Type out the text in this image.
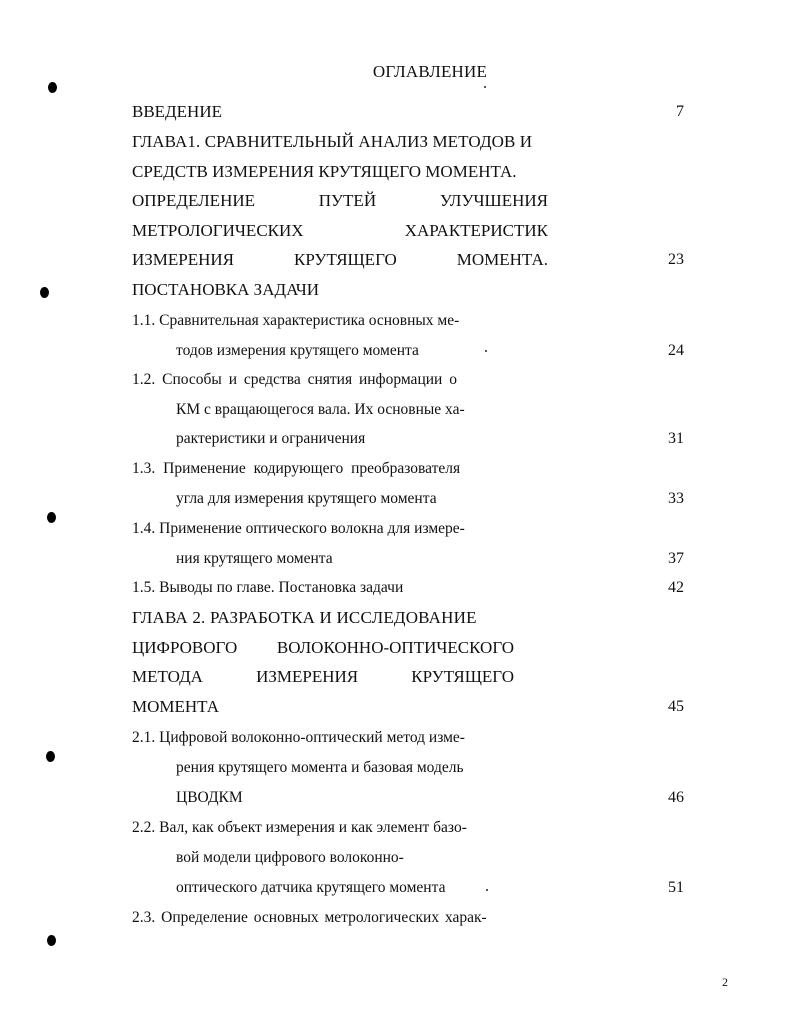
ОГЛАВЛЕНИЕ
ВВЕДЕНИЕ	7
ГЛАВА1. СРАВНИТЕЛЬНЫЙ АНАЛИЗ МЕТОДОВ И
СРЕДСТВ ИЗМЕРЕНИЯ КРУТЯЩЕГО МОМЕНТА.
ОПРЕДЕЛЕНИЕ	ПУТЕЙ	УЛУЧШЕНИЯ
МЕТРОЛОГИЧЕСКИХ	ХАРАКТЕРИСТИК
ИЗМЕРЕНИЯ	КРУТЯЩЕГО	МОМЕНТА.	23
ПОСТАНОВКА ЗАДАЧИ
1.1. Сравнительная характеристика основных ме-
тодов измерения крутящего момента	24
1.2. Способы и средства снятия информации о
КМ с вращающегося вала. Их основные ха-
рактеристики и ограничения	31
1.3. Применение кодирующего преобразователя
угла для измерения крутящего момента	33
1.4. Применение оптического волокна для измере-
ния крутящего момента	37
1.5. Выводы по главе. Постановка задачи	42
ГЛАВА 2. РАЗРАБОТКА И ИССЛЕДОВАНИЕ
ЦИФРОВОГО ВОЛОКОННО-ОПТИЧЕСКОГО
МЕТОДА	ИЗМЕРЕНИЯ	КРУТЯЩЕГО
МОМЕНТА	45
2.1. Цифровой волоконно-оптический метод изме-
рения крутящего момента и базовая модель
ЦВОДКМ	46
2.2. Вал, как объект измерения и как элемент базо-
вой модели цифрового волоконно-
оптического датчика крутящего момента	51
2.3. Определение основных метрологических харак-
2
